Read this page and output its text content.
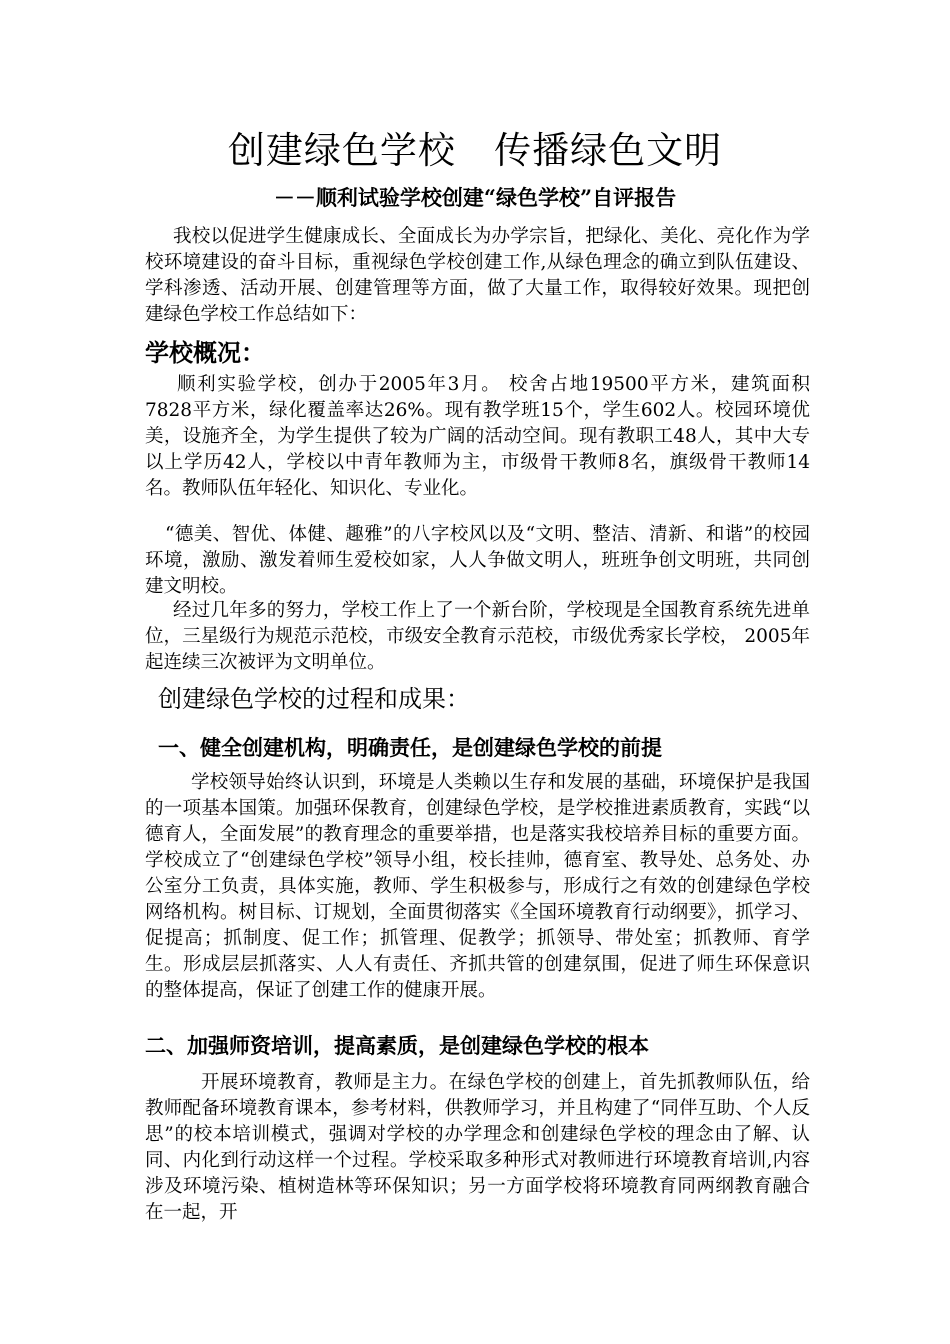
创建绿色学校   传播绿色文明
－－顺利试验学校创建“绿色学校”自评报告
我校以促进学生健康成长、全面成长为办学宗旨，把绿化、美化、亮化作为学校环境建设的奋斗目标，重视绿色学校创建工作,从绿色理念的确立到队伍建设、学科渗透、活动开展、创建管理等方面，做了大量工作，取得较好效果。现把创建绿色学校工作总结如下：
学校概况：
顺利实验学校，创办于2005年3月。 校舍占地19500平方米，建筑面积7828平方米，绿化覆盖率达26%。现有教学班15个，学生602人。校园环境优美，设施齐全，为学生提供了较为广阔的活动空间。现有教职工48人，其中大专以上学历42人，学校以中青年教师为主，市级骨干教师8名，旗级骨干教师14名。教师队伍年轻化、知识化、专业化。
“德美、智优、体健、趣雅”的八字校风以及“文明、整洁、清新、和谐”的校园环境，激励、激发着师生爱校如家，人人争做文明人，班班争创文明班，共同创建文明校。
经过几年多的努力，学校工作上了一个新台阶，学校现是全国教育系统先进单位，三星级行为规范示范校，市级安全教育示范校，市级优秀家长学校， 2005年起连续三次被评为文明单位。
创建绿色学校的过程和成果：
一、健全创建机构，明确责任，是创建绿色学校的前提
学校领导始终认识到，环境是人类赖以生存和发展的基础，环境保护是我国的一项基本国策。加强环保教育，创建绿色学校，是学校推进素质教育，实践“以德育人，全面发展”的教育理念的重要举措，也是落实我校培养目标的重要方面。学校成立了“创建绿色学校”领导小组，校长挂帅，德育室、教导处、总务处、办公室分工负责，具体实施，教师、学生积极参与，形成行之有效的创建绿色学校网络机构。树目标、订规划，全面贯彻落实《全国环境教育行动纲要》，抓学习、促提高；抓制度、促工作；抓管理、促教学；抓领导、带处室；抓教师、育学生。形成层层抓落实、人人有责任、齐抓共管的创建氛围，促进了师生环保意识的整体提高，保证了创建工作的健康开展。
二、加强师资培训，提高素质，是创建绿色学校的根本
开展环境教育，教师是主力。在绿色学校的创建上，首先抓教师队伍，给教师配备环境教育课本，参考材料，供教师学习，并且构建了“同伴互助、个人反思”的校本培训模式，强调对学校的办学理念和创建绿色学校的理念由了解、认同、内化到行动这样一个过程。学校采取多种形式对教师进行环境教育培训,内容涉及环境污染、植树造林等环保知识；另一方面学校将环境教育同两纲教育融合在一起，开
